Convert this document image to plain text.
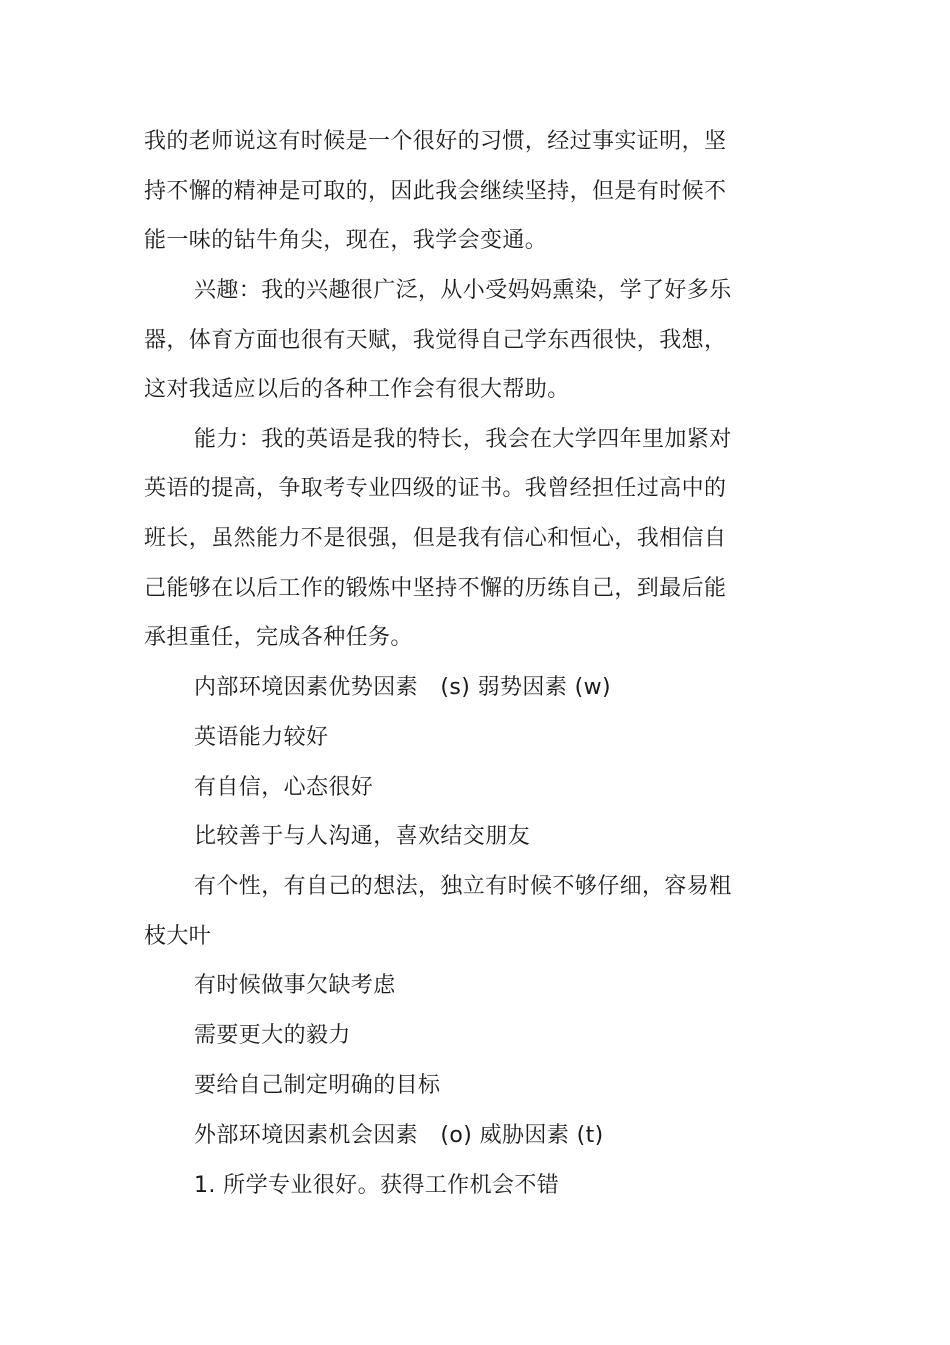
我的老师说这有时候是一个很好的习惯，经过事实证明，坚
持不懈的精神是可取的，因此我会继续坚持，但是有时候不
能一味的钻牛角尖，现在，我学会变通。
兴趣：我的兴趣很广泛，从小受妈妈熏染，学了好多乐
器，体育方面也很有天赋，我觉得自己学东西很快，我想，
这对我适应以后的各种工作会有很大帮助。
能力：我的英语是我的特长，我会在大学四年里加紧对
英语的提高，争取考专业四级的证书。我曾经担任过高中的
班长，虽然能力不是很强，但是我有信心和恒心，我相信自
己能够在以后工作的锻炼中坚持不懈的历练自己，到最后能
承担重任，完成各种任务。
内部环境因素优势因素　(s) 弱势因素 (w)
英语能力较好
有自信，心态很好
比较善于与人沟通，喜欢结交朋友
有个性，有自己的想法，独立有时候不够仔细，容易粗
枝大叶
有时候做事欠缺考虑
需要更大的毅力
要给自己制定明确的目标
外部环境因素机会因素　(o) 威胁因素 (t)
1. 所学专业很好。获得工作机会不错
